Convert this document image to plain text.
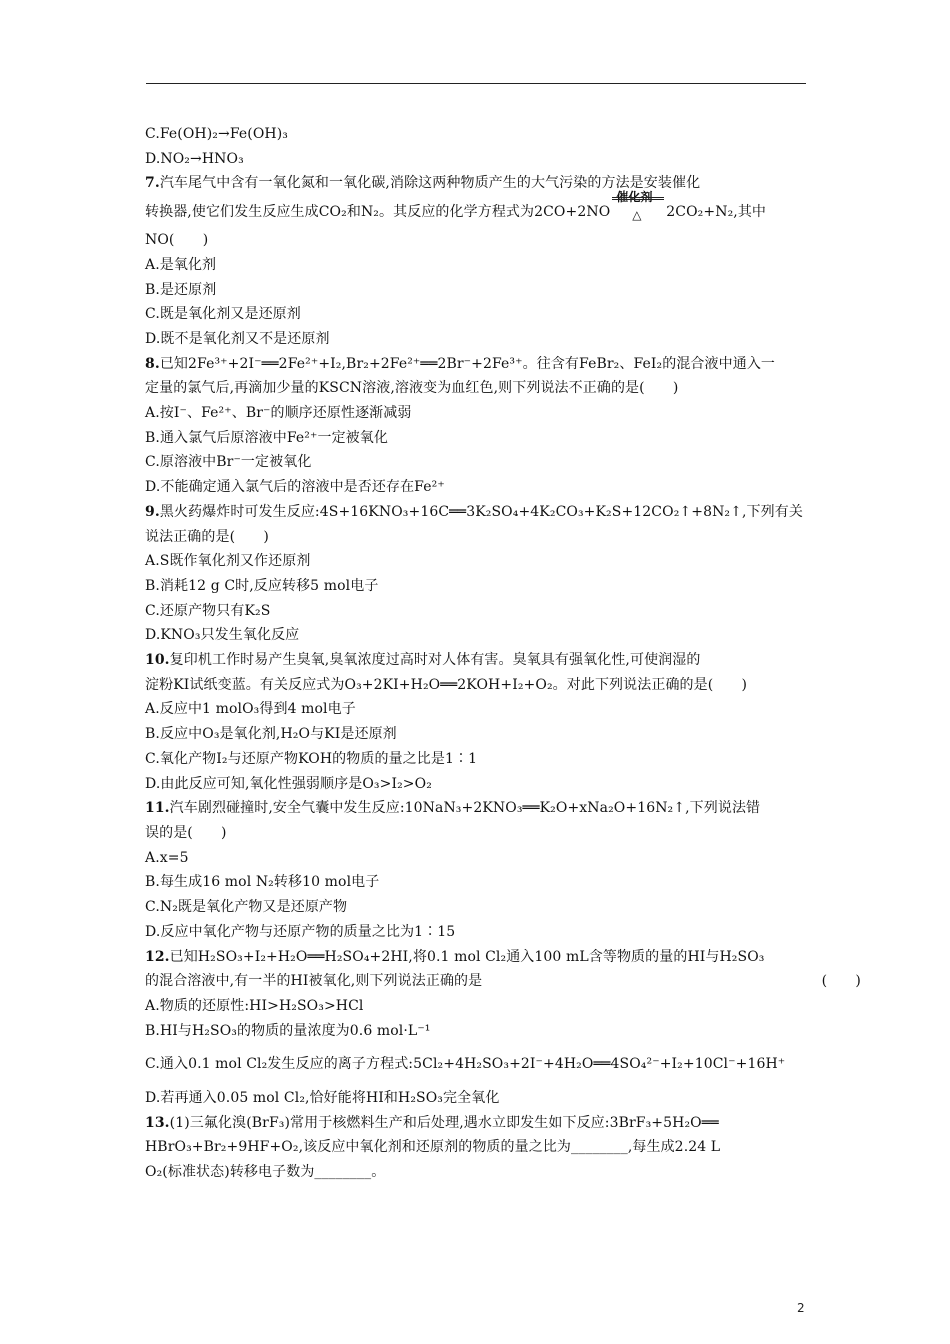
C.Fe(OH)₂→Fe(OH)₃
D.NO₂→HNO₃
7.汽车尾气中含有一氧化氮和一氧化碳,消除这两种物质产生的大气污染的方法是安装催化
转换器,使它们发生反应生成CO₂和N₂。其反应的化学方程式为2CO+2NO
催化剂
△ 2CO₂+N₂,其中
NO(　　)
A.是氧化剂
B.是还原剂
C.既是氧化剂又是还原剂
D.既不是氧化剂又不是还原剂
8.已知2Fe³⁺+2I⁻══2Fe²⁺+I₂,Br₂+2Fe²⁺══2Br⁻+2Fe³⁺。往含有FeBr₂、FeI₂的混合液中通入一
定量的氯气后,再滴加少量的KSCN溶液,溶液变为血红色,则下列说法不正确的是(　　)
A.按I⁻、Fe²⁺、Br⁻的顺序还原性逐渐减弱
B.通入氯气后原溶液中Fe²⁺一定被氧化
C.原溶液中Br⁻一定被氧化
D.不能确定通入氯气后的溶液中是否还存在Fe²⁺
9.黑火药爆炸时可发生反应:4S+16KNO₃+16C══3K₂SO₄+4K₂CO₃+K₂S+12CO₂↑+8N₂↑,下列有关
说法正确的是(　　)
A.S既作氧化剂又作还原剂
B.消耗12 g C时,反应转移5 mol电子
C.还原产物只有K₂S
D.KNO₃只发生氧化反应
10.复印机工作时易产生臭氧,臭氧浓度过高时对人体有害。臭氧具有强氧化性,可使润湿的
淀粉KI试纸变蓝。有关反应式为O₃+2KI+H₂O══2KOH+I₂+O₂。对此下列说法正确的是(　　)
A.反应中1 molO₃得到4 mol电子
B.反应中O₃是氧化剂,H₂O与KI是还原剂
C.氧化产物I₂与还原产物KOH的物质的量之比是1∶1
D.由此反应可知,氧化性强弱顺序是O₃>I₂>O₂
11.汽车剧烈碰撞时,安全气囊中发生反应:10NaN₃+2KNO₃══K₂O+xNa₂O+16N₂↑,下列说法错
误的是(　　)
A.x=5
B.每生成16 mol N₂转移10 mol电子
C.N₂既是氧化产物又是还原产物
D.反应中氧化产物与还原产物的质量之比为1∶15
12.已知H₂SO₃+I₂+H₂O══H₂SO₄+2HI,将0.1 mol Cl₂通入100 mL含等物质的量的HI与H₂SO₃
的混合溶液中,有一半的HI被氧化,则下列说法正确的是	(　　)
A.物质的还原性:HI>H₂SO₃>HCl
B.HI与H₂SO₃的物质的量浓度为0.6 mol·L⁻¹
C.通入0.1 mol Cl₂发生反应的离子方程式:5Cl₂+4H₂SO₃+2I⁻+4H₂O══4SO₄²⁻+I₂+10Cl⁻+16H⁺
D.若再通入0.05 mol Cl₂,恰好能将HI和H₂SO₃完全氧化
13.(1)三氟化溴(BrF₃)常用于核燃料生产和后处理,遇水立即发生如下反应:3BrF₃+5H₂O══
HBrO₃+Br₂+9HF+O₂,该反应中氧化剂和还原剂的物质的量之比为________,每生成2.24 L
O₂(标准状态)转移电子数为________。
2
